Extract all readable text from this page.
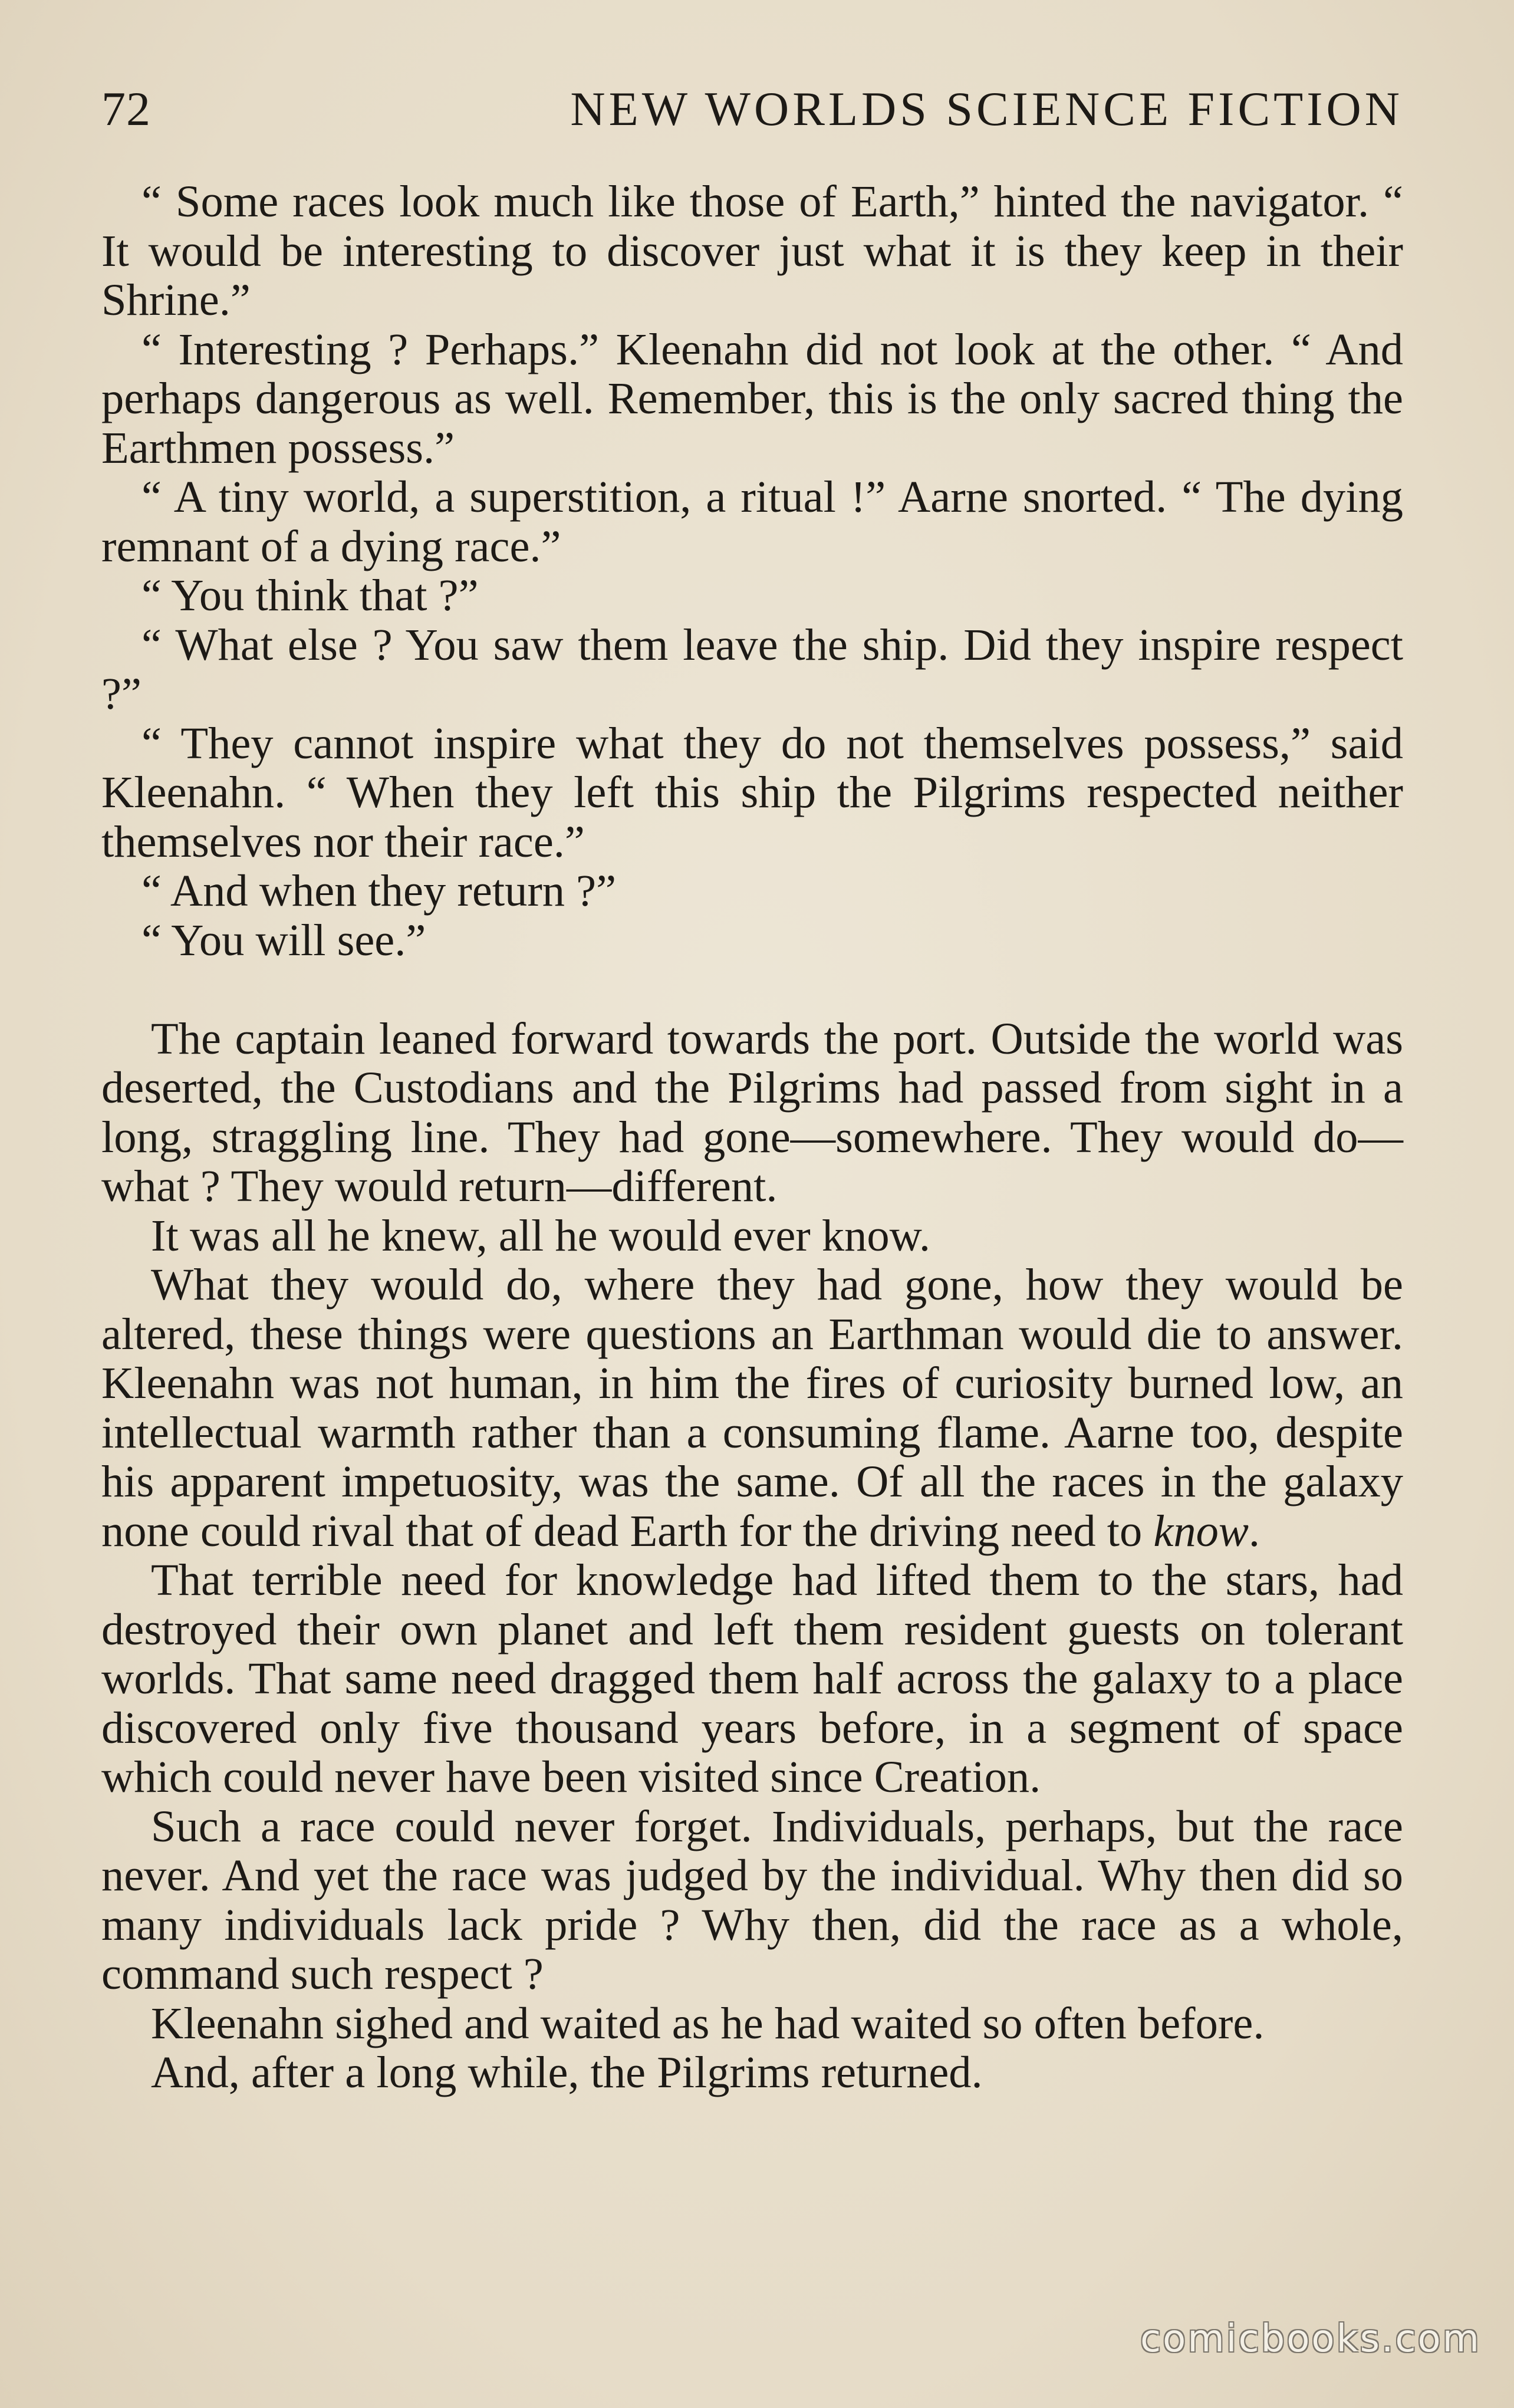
72	NEW WORLDS SCIENCE FICTION

“ Some races look much like those of Earth,” hinted the navigator. “ It would be interesting to discover just what it is they keep in their Shrine.”

“ Interesting ? Perhaps.” Kleenahn did not look at the other. “ And perhaps dangerous as well. Remember, this is the only sacred thing the Earthmen possess.”

“ A tiny world, a superstition, a ritual !” Aarne snorted. “ The dying remnant of a dying race.”

“ You think that ?”

“ What else ? You saw them leave the ship. Did they inspire respect ?”

“ They cannot inspire what they do not themselves possess,” said Kleenahn. “ When they left this ship the Pilgrims respected neither themselves nor their race.”

“ And when they return ?”

“ You will see.”

The captain leaned forward towards the port. Outside the world was deserted, the Custodians and the Pilgrims had passed from sight in a long, straggling line. They had gone—somewhere. They would do—what ? They would return—different.

It was all he knew, all he would ever know.

What they would do, where they had gone, how they would be altered, these things were questions an Earthman would die to answer. Kleenahn was not human, in him the fires of curiosity burned low, an intellectual warmth rather than a consuming flame. Aarne too, despite his apparent impetuosity, was the same. Of all the races in the galaxy none could rival that of dead Earth for the driving need to know.

That terrible need for knowledge had lifted them to the stars, had destroyed their own planet and left them resident guests on tolerant worlds. That same need dragged them half across the galaxy to a place discovered only five thousand years before, in a segment of space which could never have been visited since Creation.

Such a race could never forget. Individuals, perhaps, but the race never. And yet the race was judged by the individual. Why then did so many individuals lack pride ? Why then, did the race as a whole, command such respect ?

Kleenahn sighed and waited as he had waited so often before.

And, after a long while, the Pilgrims returned.

comicbooks.com
